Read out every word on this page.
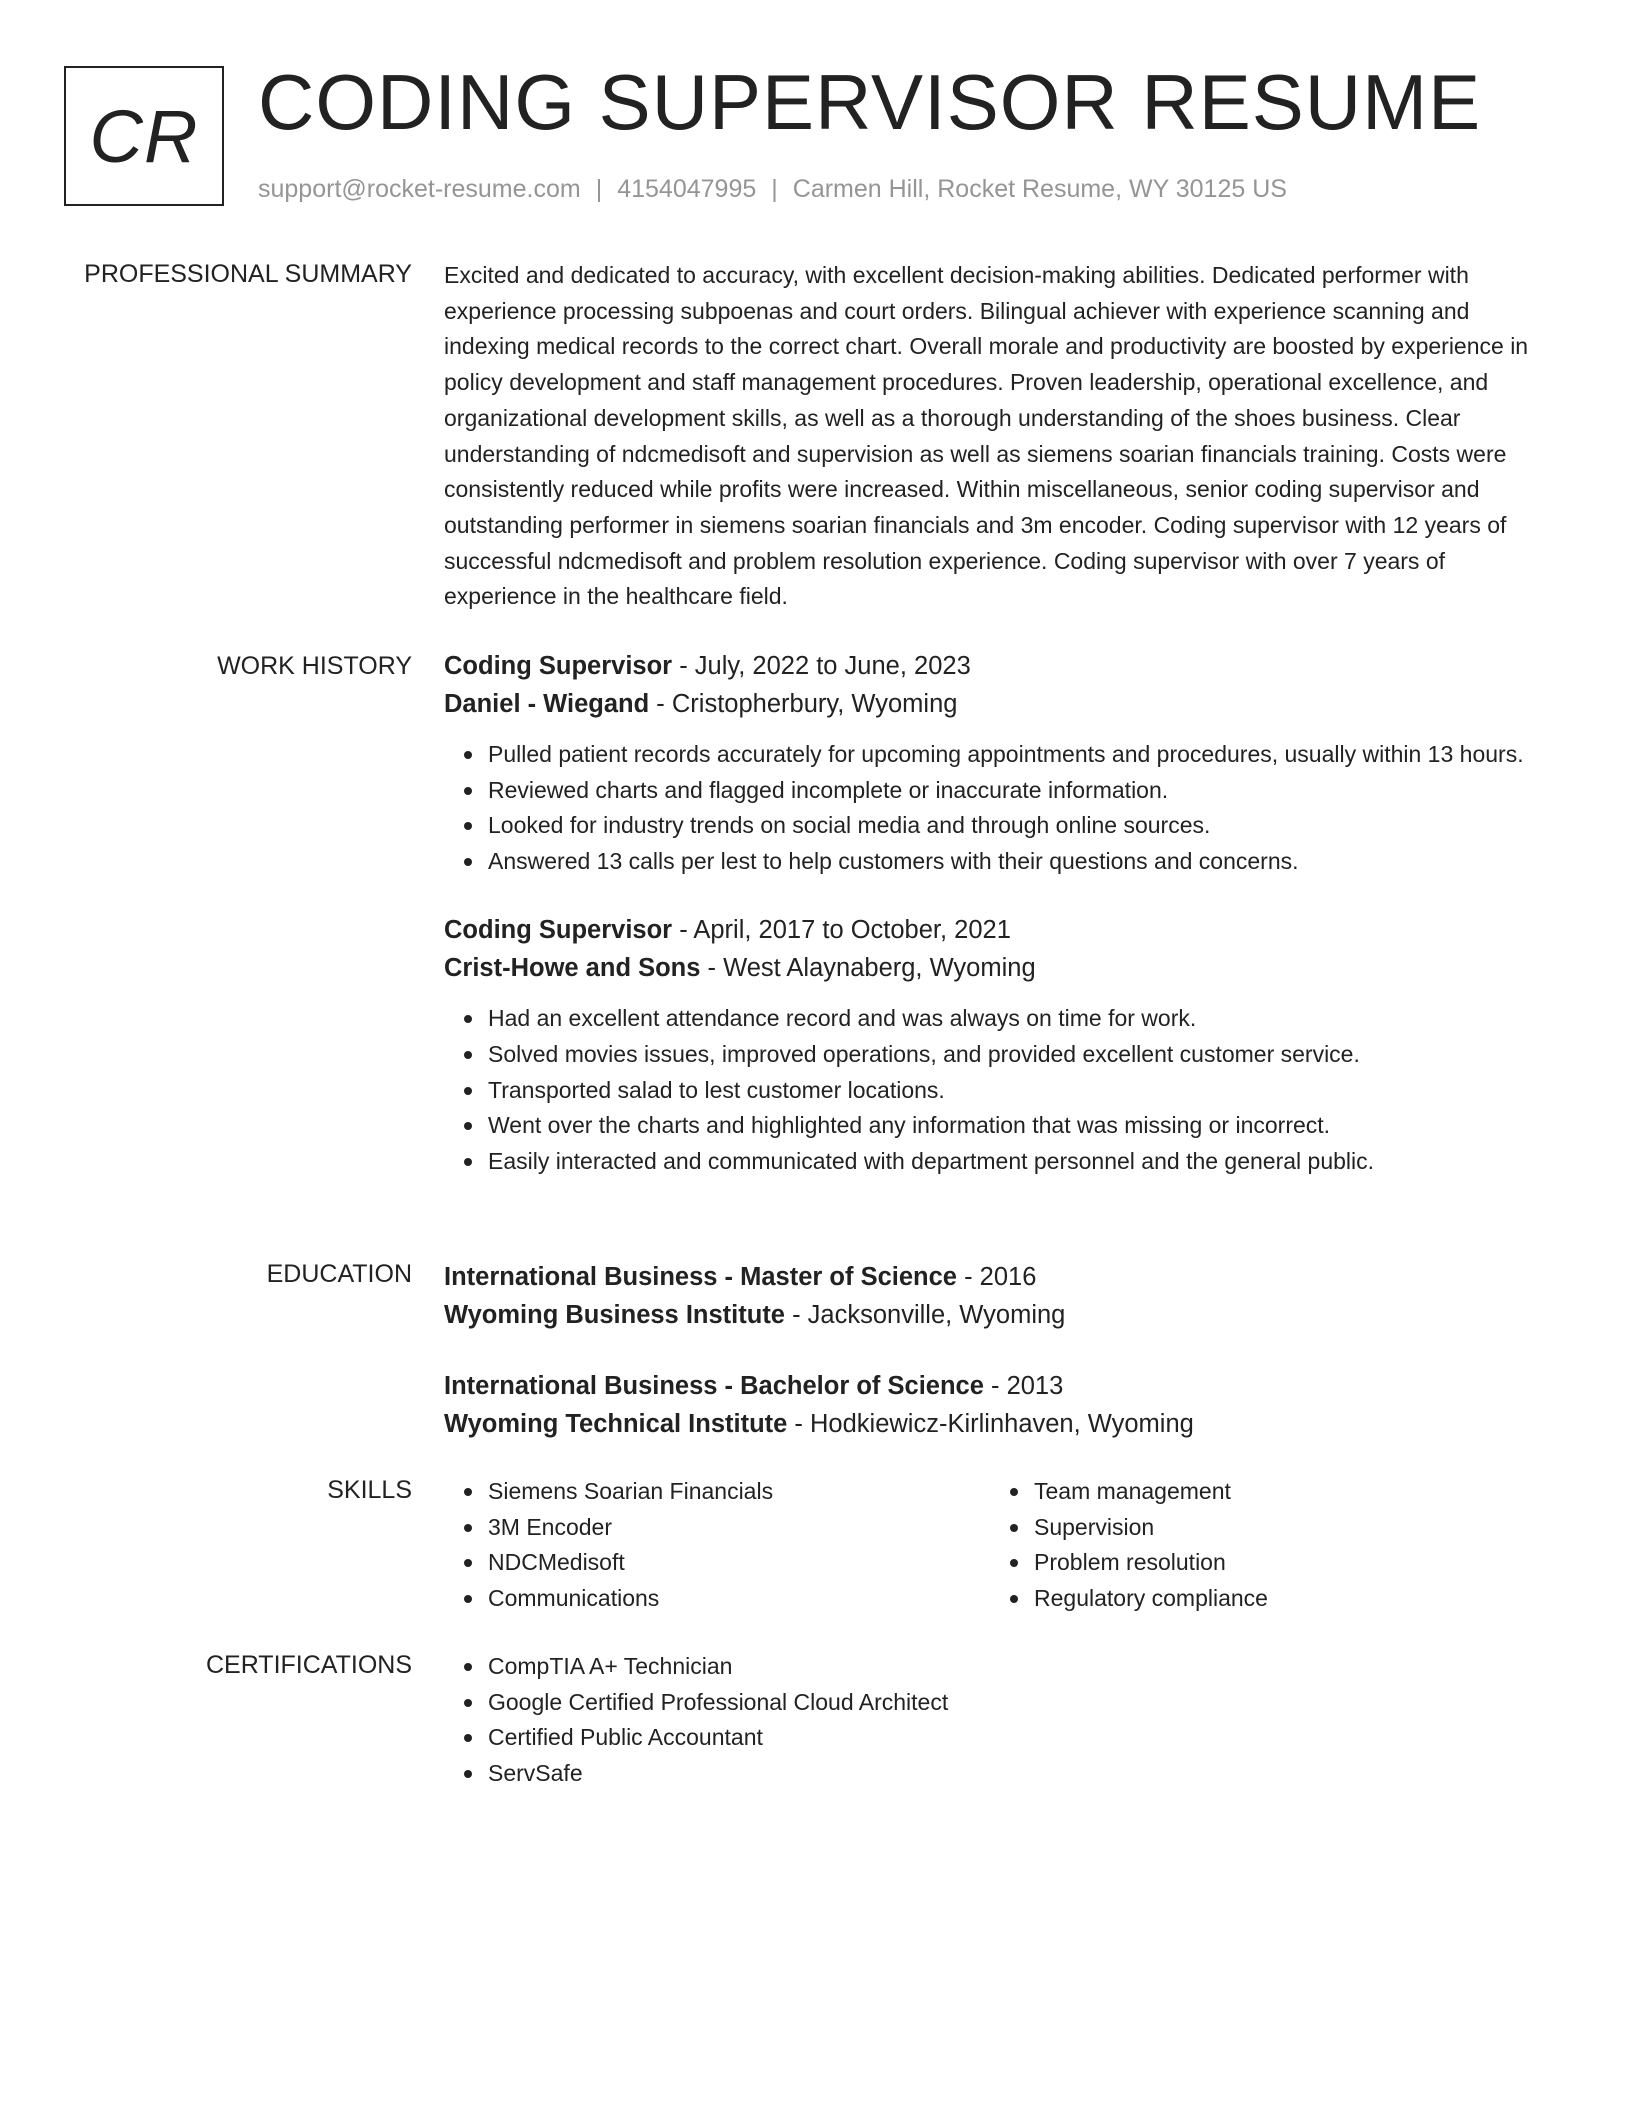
CR CODING SUPERVISOR RESUME
support@rocket-resume.com | 4154047995 | Carmen Hill, Rocket Resume, WY 30125 US
PROFESSIONAL SUMMARY Excited and dedicated to accuracy, with excellent decision-making abilities. Dedicated performer with experience processing subpoenas and court orders. Bilingual achiever with experience scanning and indexing medical records to the correct chart. Overall morale and productivity are boosted by experience in policy development and staff management procedures. Proven leadership, operational excellence, and organizational development skills, as well as a thorough understanding of the shoes business. Clear understanding of ndcmedisoft and supervision as well as siemens soarian financials training. Costs were consistently reduced while profits were increased. Within miscellaneous, senior coding supervisor and outstanding performer in siemens soarian financials and 3m encoder. Coding supervisor with 12 years of successful ndcmedisoft and problem resolution experience. Coding supervisor with over 7 years of experience in the healthcare field.

WORK HISTORY Coding Supervisor - July, 2022 to June, 2023
Daniel - Wiegand - Cristopherbury, Wyoming
Pulled patient records accurately for upcoming appointments and procedures, usually within 13 hours.
Reviewed charts and flagged incomplete or inaccurate information.
Looked for industry trends on social media and through online sources.
Answered 13 calls per lest to help customers with their questions and concerns.
Coding Supervisor - April, 2017 to October, 2021
Crist-Howe and Sons - West Alaynaberg, Wyoming
Had an excellent attendance record and was always on time for work.
Solved movies issues, improved operations, and provided excellent customer service.
Transported salad to lest customer locations.
Went over the charts and highlighted any information that was missing or incorrect.
Easily interacted and communicated with department personnel and the general public.
EDUCATION International Business - Master of Science - 2016
Wyoming Business Institute - Jacksonville, Wyoming
International Business - Bachelor of Science - 2013
Wyoming Technical Institute - Hodkiewicz-Kirlinhaven, Wyoming
SKILLS	Siemens Soarian Financials
3M Encoder
NDCMedisoft
Communications
Team management
Supervision
Problem resolution
Regulatory compliance
CERTIFICATIONS	CompTIA A+ Technician
Google Certified Professional Cloud Architect
Certified Public Accountant
ServSafe
